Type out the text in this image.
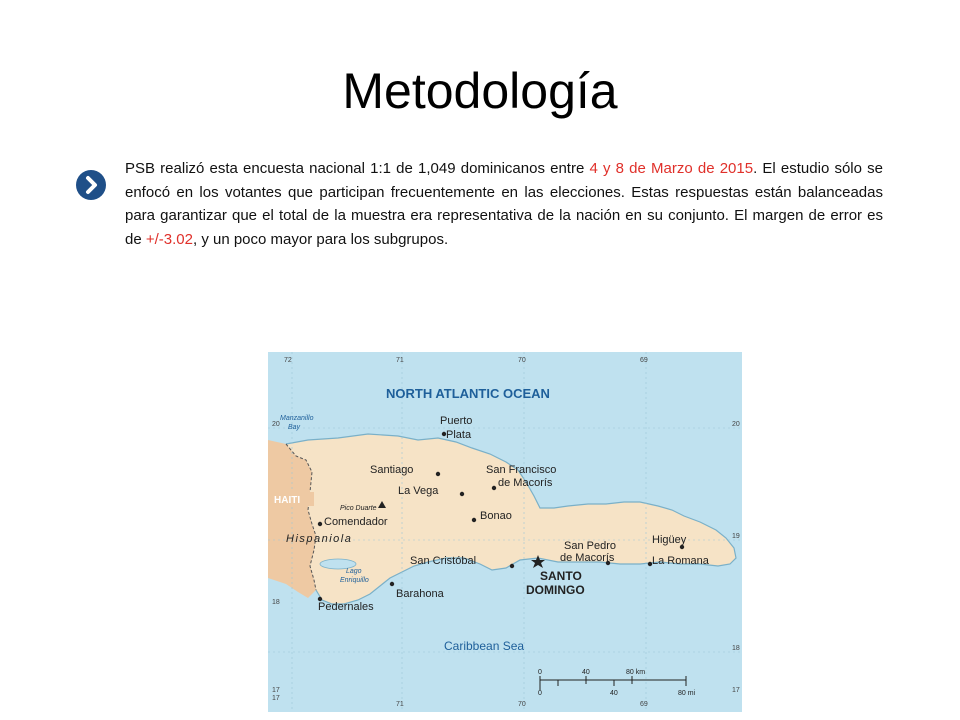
Metodología
PSB realizó esta encuesta nacional 1:1 de 1,049 dominicanos entre 4 y 8 de Marzo de 2015. El estudio sólo se enfocó en los votantes que participan frecuentemente en las elecciones. Estas respuestas están balanceadas para garantizar que el total de la muestra era representativa de la nación en su conjunto. El margen de error es de +/-3.02, y un poco mayor para los subgrupos.
72	71	70	69
71	70	69
20	20
19
18
18
17
17
17
NORTH ATLANTIC OCEAN
Caribbean Sea
Manzanillo
Bay
Lago
Enriquillo
HAITI
Hispaniola
Pico Duarte
Puerto
Plata
Santiago	San Francisco
de Macorís
La Vega
Bonao
Comendador
San Cristóbal
San Pedro
de Macorís
Higüey
La Romana
Barahona
Pedernales
SANTO
DOMINGO
0	40	80 km
0	40	80 mi
